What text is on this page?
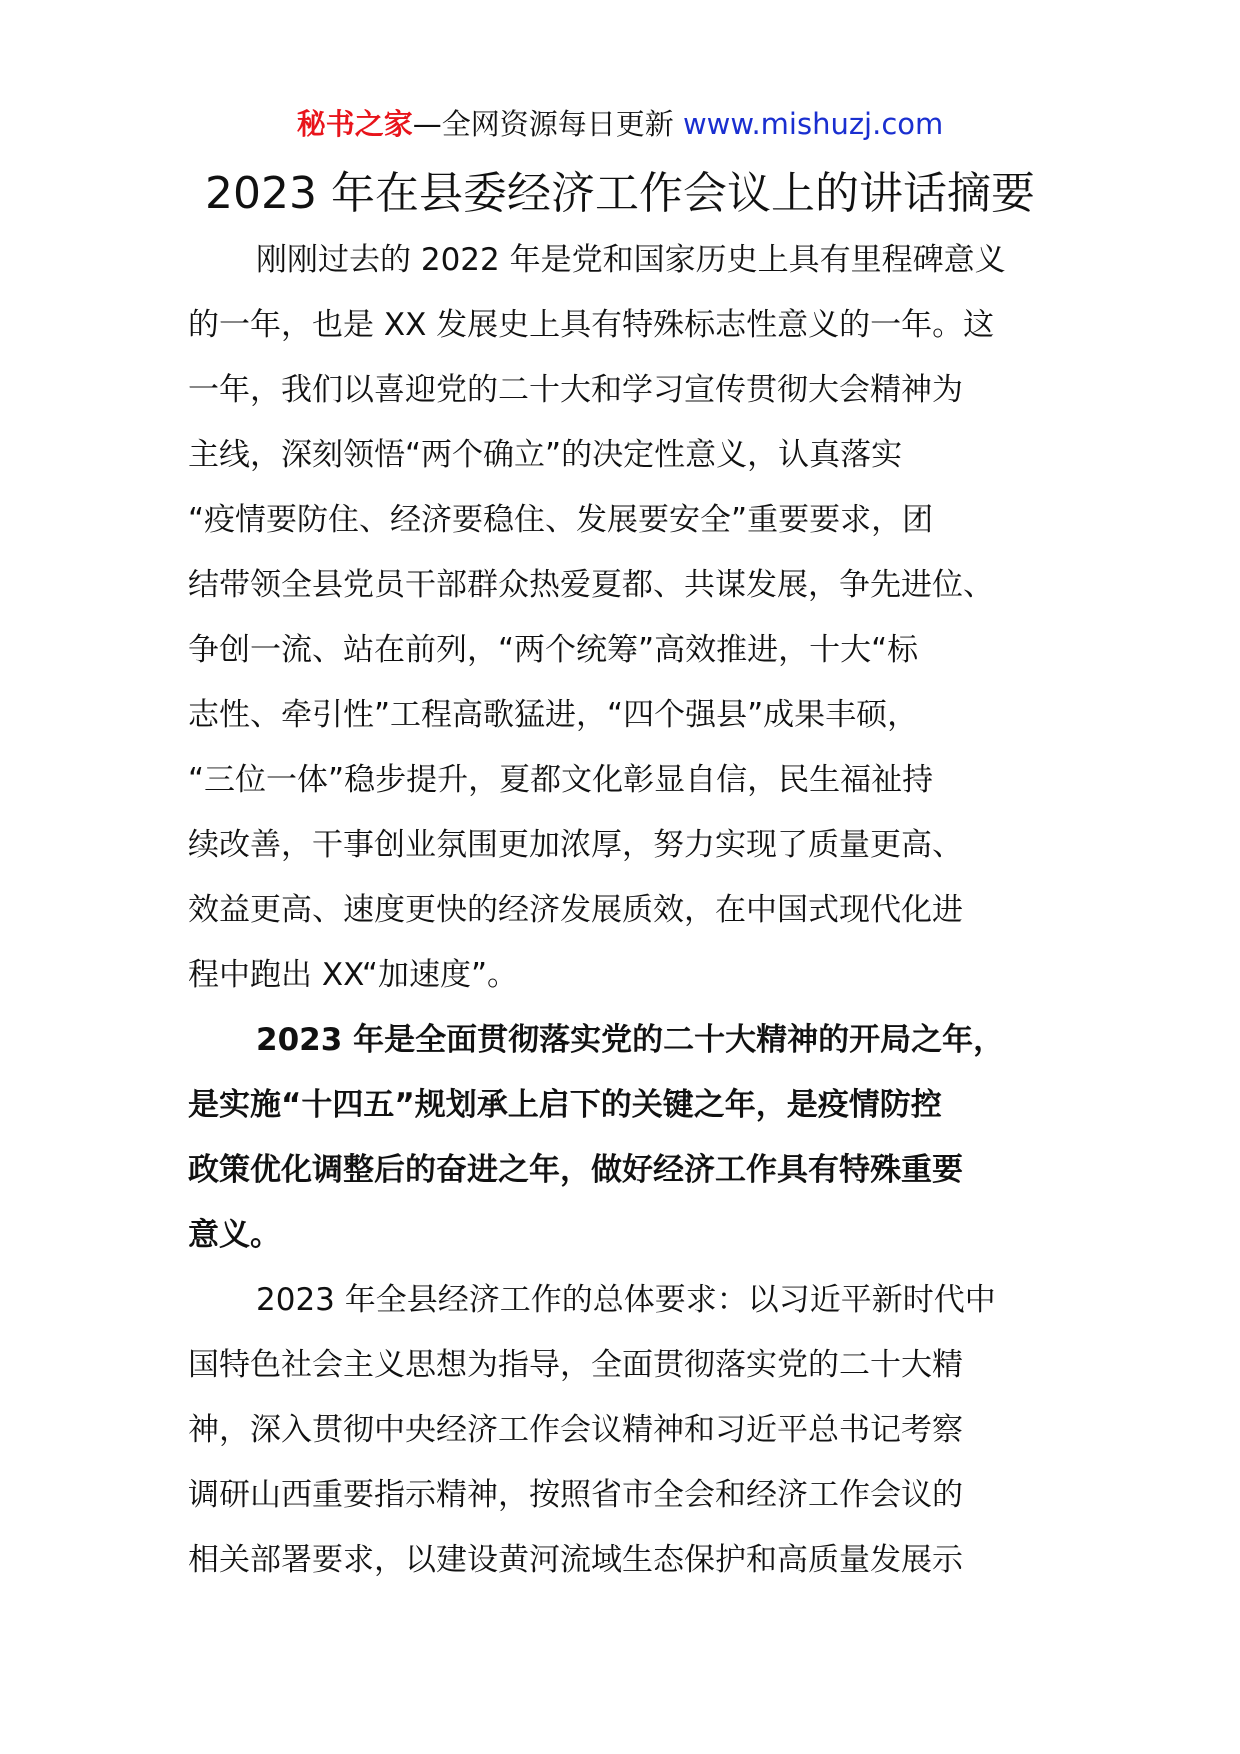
秘书之家—全网资源每日更新 www.mishuzj.com
2023 年在县委经济工作会议上的讲话摘要
刚刚过去的 2022 年是党和国家历史上具有里程碑意义
的一年，也是 XX 发展史上具有特殊标志性意义的一年。这
一年，我们以喜迎党的二十大和学习宣传贯彻大会精神为
主线，深刻领悟“两个确立”的决定性意义，认真落实
“疫情要防住、经济要稳住、发展要安全”重要要求，团
结带领全县党员干部群众热爱夏都、共谋发展，争先进位、
争创一流、站在前列，“两个统筹”高效推进，十大“标
志性、牵引性”工程高歌猛进，“四个强县”成果丰硕，
“三位一体”稳步提升，夏都文化彰显自信，民生福祉持
续改善，干事创业氛围更加浓厚，努力实现了质量更高、
效益更高、速度更快的经济发展质效，在中国式现代化进
程中跑出 XX“加速度”。
2023 年是全面贯彻落实党的二十大精神的开局之年，
是实施“十四五”规划承上启下的关键之年，是疫情防控
政策优化调整后的奋进之年，做好经济工作具有特殊重要
意义。
2023 年全县经济工作的总体要求：以习近平新时代中
国特色社会主义思想为指导，全面贯彻落实党的二十大精
神，深入贯彻中央经济工作会议精神和习近平总书记考察
调研山西重要指示精神，按照省市全会和经济工作会议的
相关部署要求，以建设黄河流域生态保护和高质量发展示
